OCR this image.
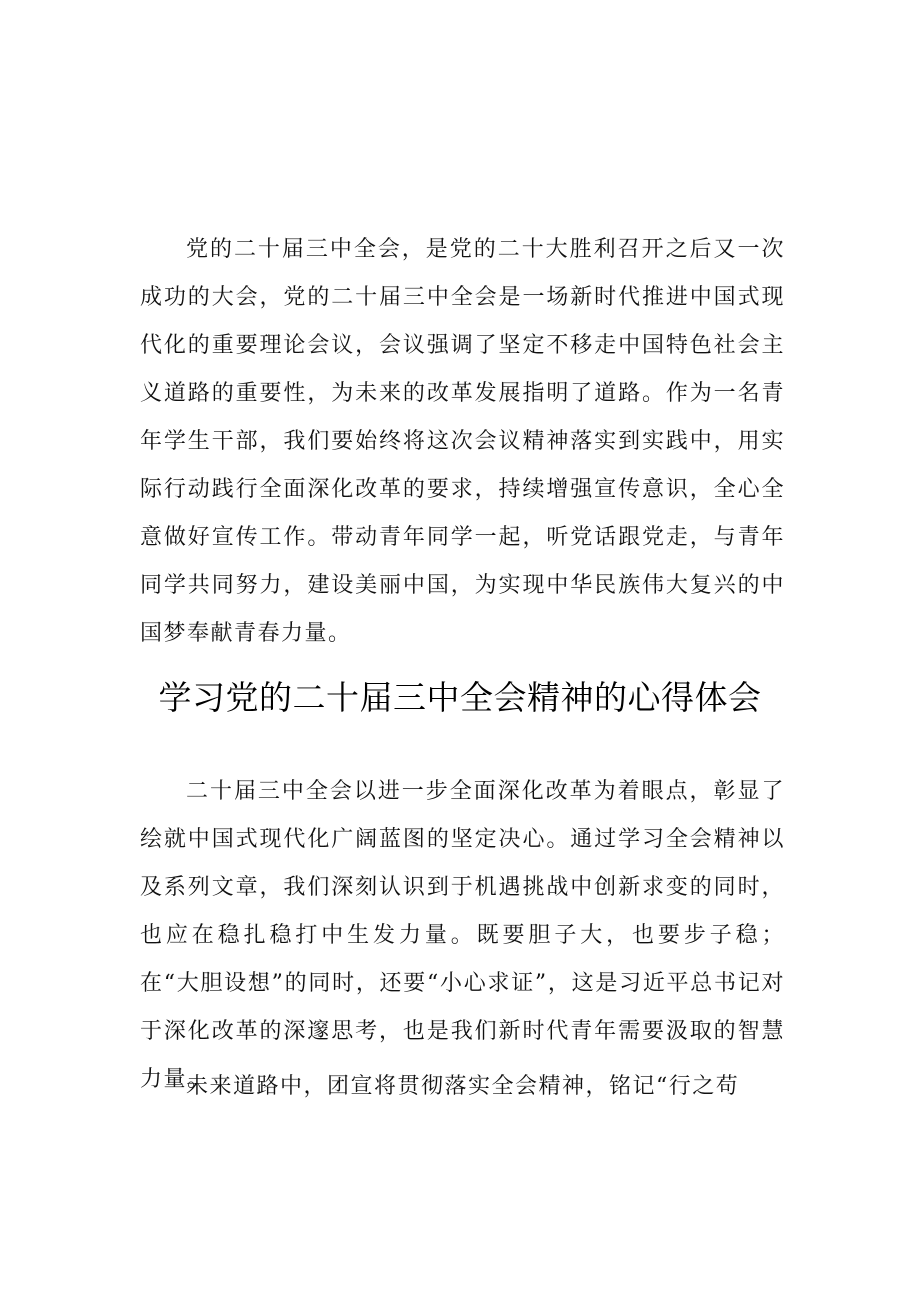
党的二十届三中全会，是党的二十大胜利召开之后又一次成功的大会，党的二十届三中全会是一场新时代推进中国式现代化的重要理论会议，会议强调了坚定不移走中国特色社会主义道路的重要性，为未来的改革发展指明了道路。作为一名青年学生干部，我们要始终将这次会议精神落实到实践中，用实际行动践行全面深化改革的要求，持续增强宣传意识，全心全意做好宣传工作。带动青年同学一起，听党话跟党走，与青年同学共同努力，建设美丽中国，为实现中华民族伟大复兴的中国梦奉献青春力量。

学习党的二十届三中全会精神的心得体会

二十届三中全会以进一步全面深化改革为着眼点，彰显了绘就中国式现代化广阔蓝图的坚定决心。通过学习全会精神以及系列文章，我们深刻认识到于机遇挑战中创新求变的同时，也应在稳扎稳打中生发力量。既要胆子大，也要步子稳；在“大胆设想”的同时，还要“小心求证”，这是习近平总书记对于深化改革的深邃思考，也是我们新时代青年需要汲取的智慧力量。

未来道路中，团宣将贯彻落实全会精神，铭记“行之苟
